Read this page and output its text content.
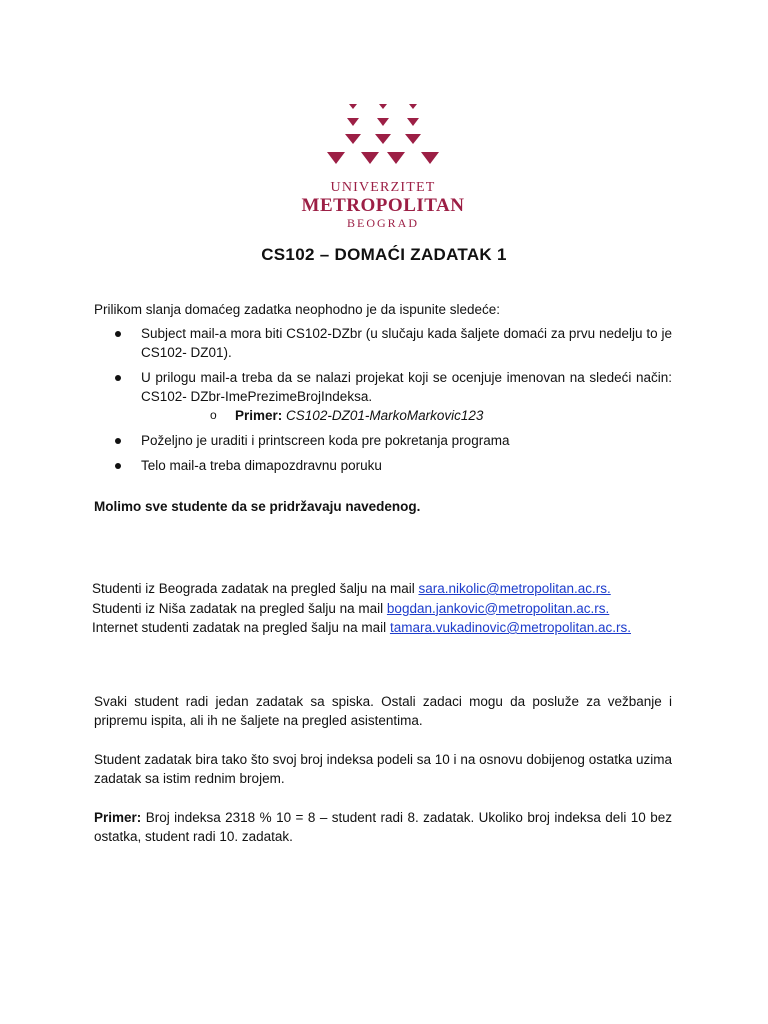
UNIVERZITET
METROPOLITAN
BEOGRAD
CS102 – DOMAĆI ZADATAK 1
Prilikom slanja domaćeg zadatka neophodno je da ispunite sledeće:
Subject mail-a mora biti CS102-DZbr (u slučaju kada šaljete domaći za prvu nedelju to je CS102- DZ01).
U prilogu mail-a treba da se nalazi projekat koji se ocenjuje imenovan na sledeći način: CS102- DZbr-ImePrezimeBrojIndeksa.
o Primer: CS102-DZ01-MarkoMarkovic123
Poželjno je uraditi i printscreen koda pre pokretanja programa
Telo mail-a treba dimapozdravnu poruku
Molimo sve studente da se pridržavaju navedenog.
Studenti iz Beograda zadatak na pregled šalju na mail sara.nikolic@metropolitan.ac.rs.
Studenti iz Niša zadatak na pregled šalju na mail bogdan.jankovic@metropolitan.ac.rs.
Internet studenti zadatak na pregled šalju na mail tamara.vukadinovic@metropolitan.ac.rs.
Svaki student radi jedan zadatak sa spiska. Ostali zadaci mogu da posluže za vežbanje i pripremu ispita, ali ih ne šaljete na pregled asistentima.
Student zadatak bira tako što svoj broj indeksa podeli sa 10 i na osnovu dobijenog ostatka uzima zadatak sa istim rednim brojem.
Primer: Broj indeksa 2318 % 10 = 8 – student radi 8. zadatak. Ukoliko broj indeksa deli 10 bez ostatka, student radi 10. zadatak.
